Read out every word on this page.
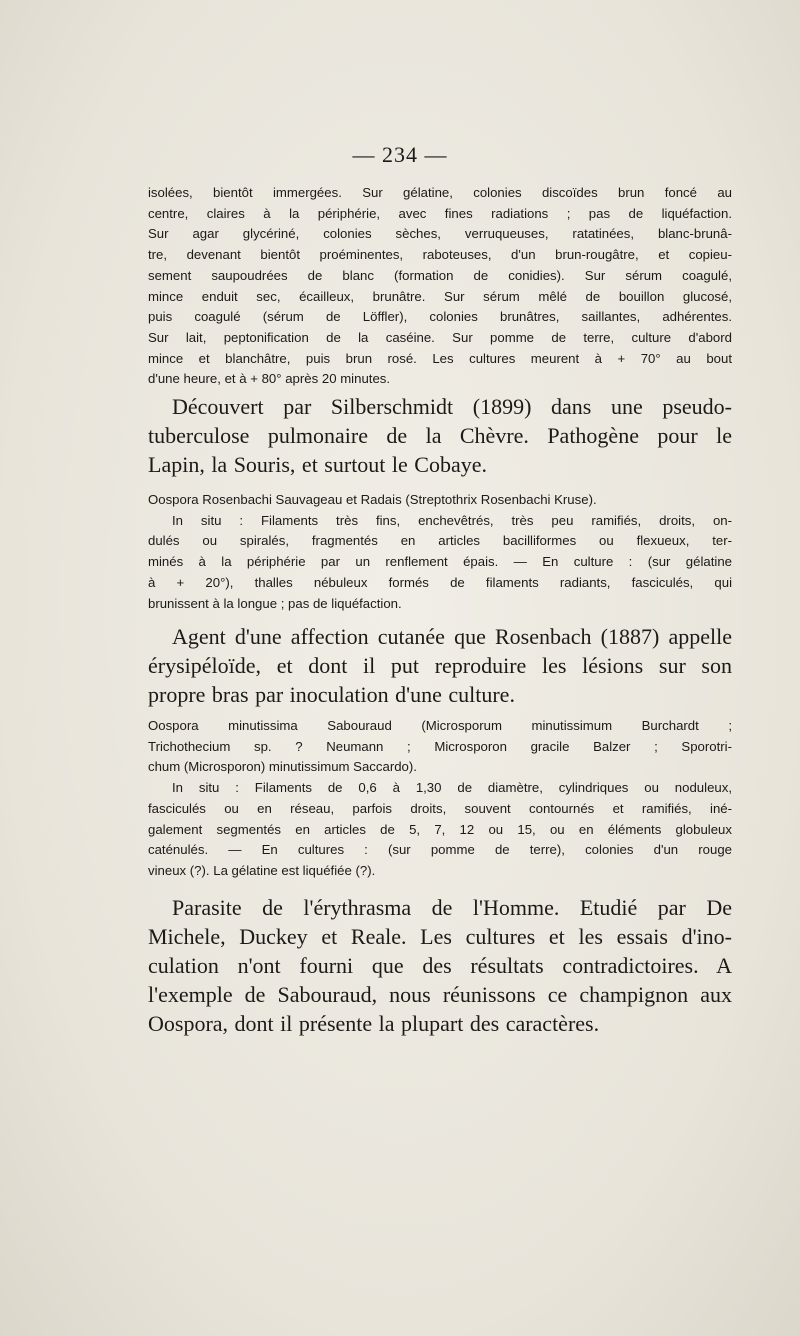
— 234 —

isolées, bientôt immergées. Sur gélatine, colonies discoïdes brun foncé au
centre, claires à la périphérie, avec fines radiations ; pas de liquéfaction.
Sur agar glycériné, colonies sèches, verruqueuses, ratatinées, blanc-brunâ-
tre, devenant bientôt proéminentes, raboteuses, d'un brun-rougâtre, et copieu-
sement saupoudrées de blanc (formation de conidies). Sur sérum coagulé,
mince enduit sec, écailleux, brunâtre. Sur sérum mêlé de bouillon glucosé,
puis coagulé (sérum de Löffler), colonies brunâtres, saillantes, adhérentes.
Sur lait, peptonification de la caséine. Sur pomme de terre, culture d'abord
mince et blanchâtre, puis brun rosé. Les cultures meurent à + 70° au bout
d'une heure, et à + 80° après 20 minutes.

Découvert par Silberschmidt (1899) dans une pseudo-
tuberculose pulmonaire de la Chèvre. Pathogène pour le
Lapin, la Souris, et surtout le Cobaye.

Oospora Rosenbachi Sauvageau et Radais (Streptothrix Rosenbachi Kruse).

In situ : Filaments très fins, enchevêtrés, très peu ramifiés, droits, on-
dulés ou spiralés, fragmentés en articles bacilliformes ou flexueux, ter-
minés à la périphérie par un renflement épais. — En culture : (sur gélatine
à + 20°), thalles nébuleux formés de filaments radiants, fasciculés, qui
brunissent à la longue ; pas de liquéfaction.

Agent d'une affection cutanée que Rosenbach (1887) appelle
érysipéloïde, et dont il put reproduire les lésions sur son
propre bras par inoculation d'une culture.

Oospora minutissima Sabouraud (Microsporum minutissimum Burchardt ;
Trichothecium sp. ? Neumann ; Microsporon gracile Balzer ; Sporotri-
chum (Microsporon) minutissimum Saccardo).

In situ : Filaments de 0,6 à 1,30 de diamètre, cylindriques ou noduleux,
fasciculés ou en réseau, parfois droits, souvent contournés et ramifiés, iné-
galement segmentés en articles de 5, 7, 12 ou 15, ou en éléments globuleux
caténulés. — En cultures : (sur pomme de terre), colonies d'un rouge
vineux (?). La gélatine est liquéfiée (?).

Parasite de l'érythrasma de l'Homme. Etudié par De
Michele, Duckey et Reale. Les cultures et les essais d'ino-
culation n'ont fourni que des résultats contradictoires. A
l'exemple de Sabouraud, nous réunissons ce champignon aux
Oospora, dont il présente la plupart des caractères.
